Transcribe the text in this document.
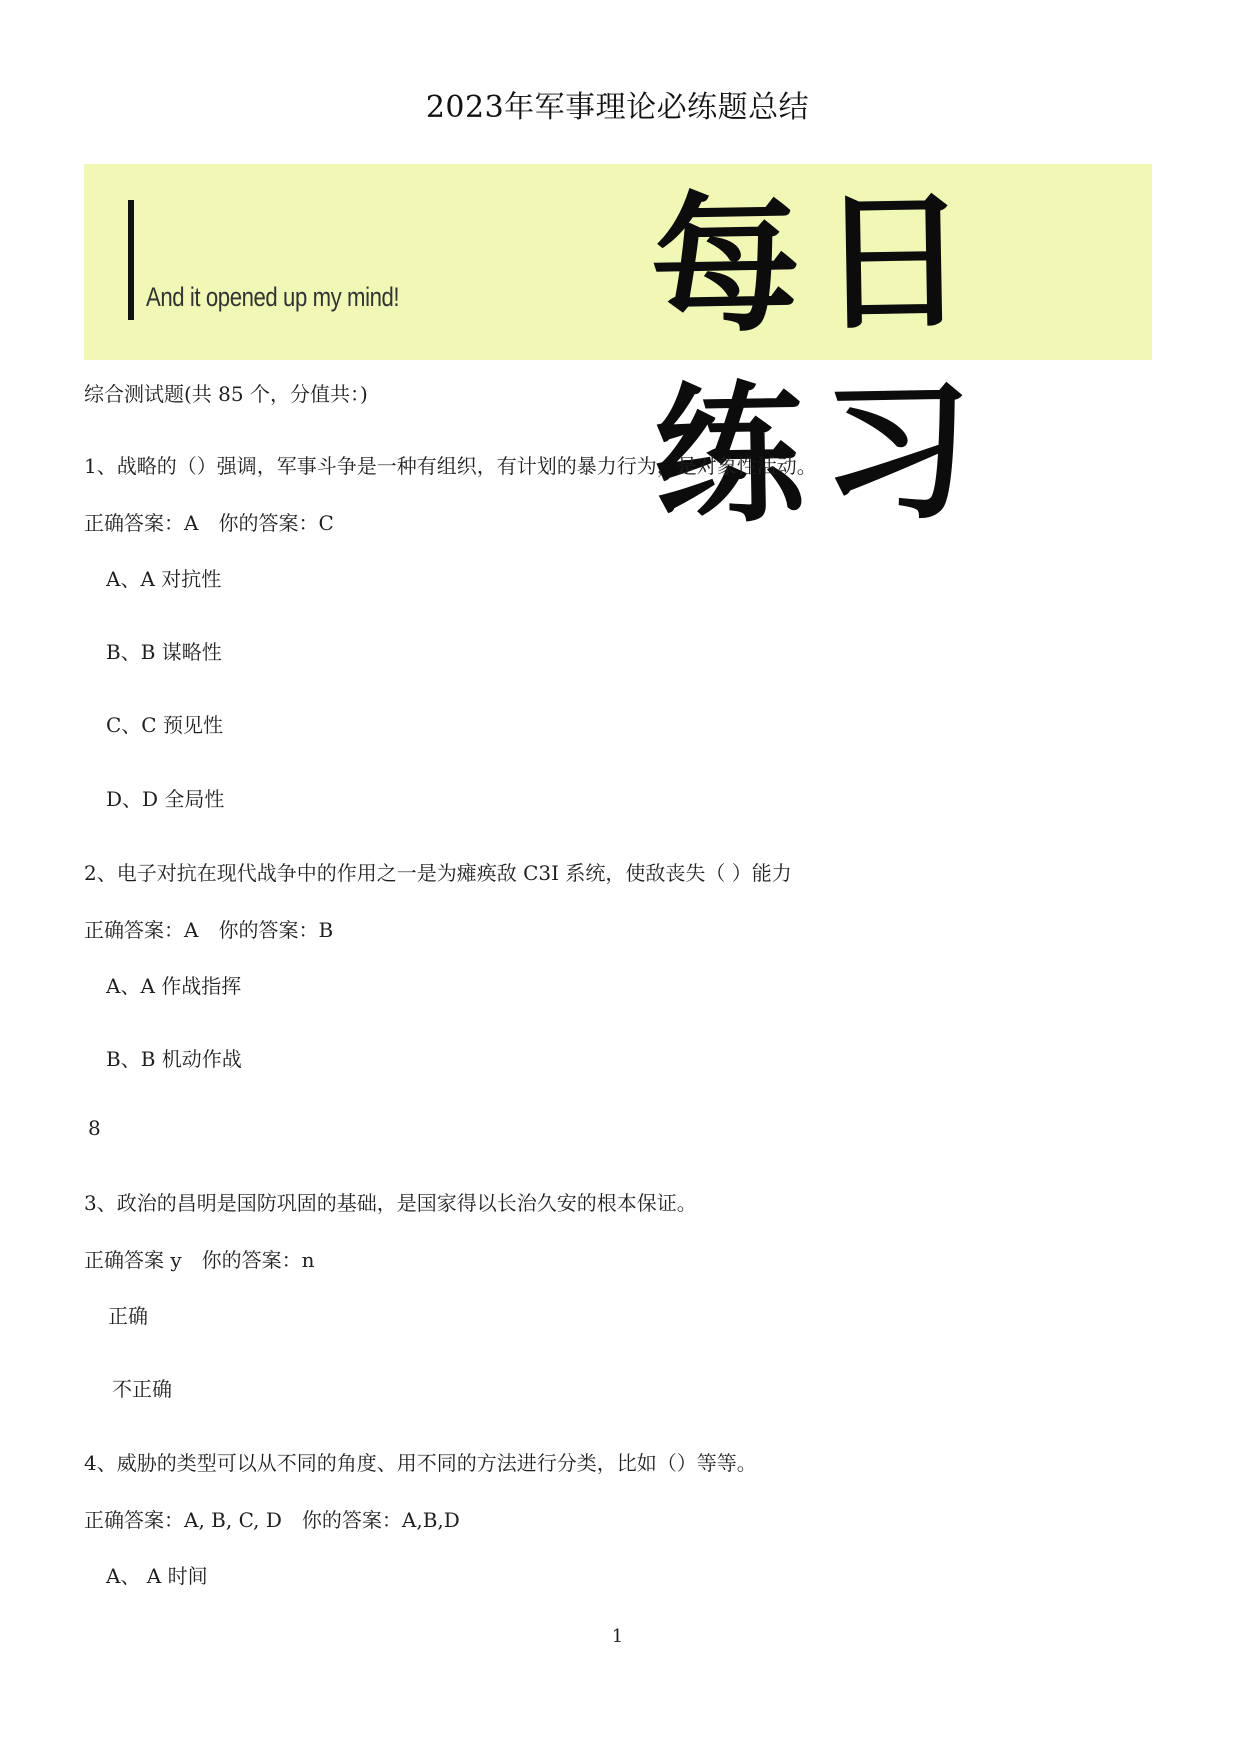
2023年军事理论必练题总结
And it opened up my mind! 每日练习
综合测试题(共 85 个，分值共：)
1、战略的（）强调，军事斗争是一种有组织，有计划的暴力行为，是对象性活动。
正确答案：A　你的答案：C
A、A 对抗性
B、B 谋略性
C、C 预见性
D、D 全局性
2、电子对抗在现代战争中的作用之一是为瘫痪敌 C3I 系统，使敌丧失（ ）能力
正确答案：A　你的答案：B
A、A 作战指挥
B、B 机动作战
8
3、政治的昌明是国防巩固的基础，是国家得以长治久安的根本保证。
正确答案 y　你的答案：n
正确
不正确
4、威胁的类型可以从不同的角度、用不同的方法进行分类，比如（）等等。
正确答案：A, B, C, D　你的答案：A,B,D
A、 A 时间
1
